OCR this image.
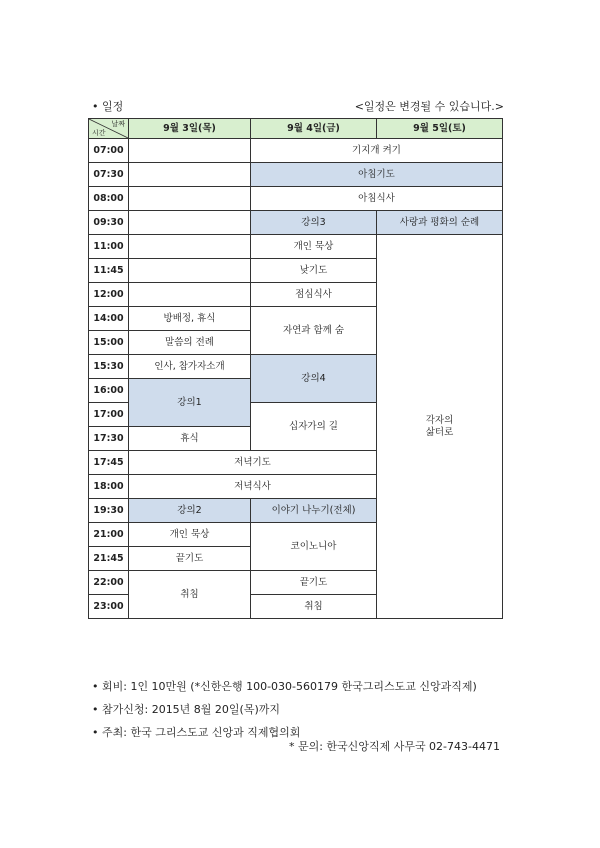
• 일정	<일정은 변경될 수 있습니다.>
날짜
시간	9월 3일(목)	9월 4일(금)	9월 5일(토)
07:00		기지개 켜기	
07:30		아침기도	
08:00		아침식사	
09:30		강의3	사랑과 평화의 순례
11:00		개인 묵상	각자의
삶터로
11:45		낮기도	
12:00		점심식사	
14:00	방배정, 휴식	자연과 함께 숨	
15:00	말씀의 전례		
15:30	인사, 참가자소개	강의4	
16:00	강의1		
17:00		십자가의 길	
17:30	휴식		
17:45	저녁기도		
18:00	저녁식사		
19:30	강의2	이야기 나누기(전체)	
21:00	개인 묵상	코이노니아	
21:45	끝기도		
22:00	취침	끝기도	
23:00		취침	
• 회비: 1인 10만원 (*신한은행 100-030-560179 한국그리스도교 신앙과직제)
• 참가신청: 2015년 8월 20일(목)까지
• 주최: 한국 그리스도교 신앙과 직제협의회
* 문의: 한국신앙직제 사무국 02-743-4471
